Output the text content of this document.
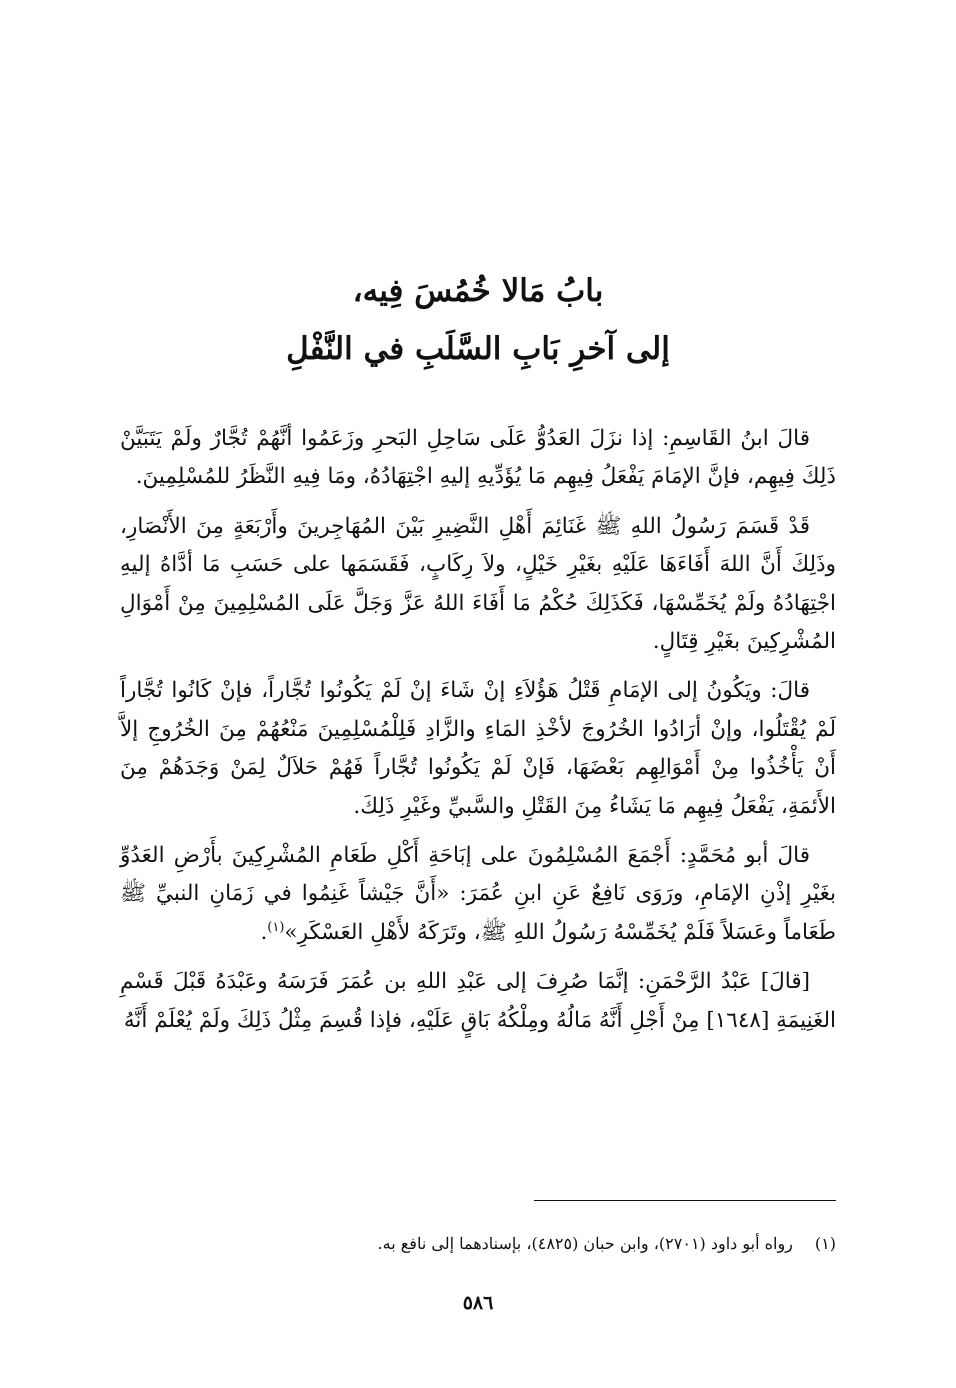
بابُ مَالا خُمُسَ فِيه،
إلى آخرِ بَابِ السَّلَبِ في النَّفْلِ

قالَ ابنُ القَاسِمِ: إذا نزَلَ العَدُوُّ عَلَى سَاحِلِ البَحرِ وزَعَمُوا أنَّهُمْ تُجَّارٌ ولَمْ يَتَبَيَّنْ ذَلِكَ فِيهِم، فإنَّ الإمَامَ يَفْعَلُ فِيهِم مَا يُؤَدِّيهِ إليهِ اجْتِهَادُهُ، ومَا فِيهِ النَّظَرُ للمُسْلِمِينَ.

قَدْ قَسَمَ رَسُولُ اللهِ ﷺ غَنَائِمَ أَهْلِ النَّضِيرِ بَيْنَ المُهَاجِرينَ وأَرْبَعَةٍ مِنَ الأَنْصَارِ، وذَلِكَ أَنَّ اللهَ أَفَاءَهَا عَلَيْهِ بغَيْرِ خَيْلٍ، ولاَ رِكَابٍ، فَقَسَمَها على حَسَبِ مَا أدَّاهُ إليهِ اجْتِهَادُهُ ولَمْ يُخَمِّسْهَا، فَكَذَلِكَ حُكْمُ مَا أَفَاءَ اللهُ عَزَّ وَجَلَّ عَلَى المُسْلِمِينَ مِنْ أَمْوَالِ المُشْرِكِينَ بغَيْرِ قِتَالٍ.

قالَ: ويَكُونُ إلى الإمَامِ قَتْلُ هَؤُلاَءِ إنْ شَاءَ إنْ لَمْ يَكُونُوا تُجَّاراً، فإنْ كَانُوا تُجَّاراً لَمْ يُقْتَلُوا، وإنْ أرَادُوا الخُرُوجَ لأخْذِ المَاءِ والزَّادِ فَلِلْمُسْلِمِينَ مَنْعُهُمْ مِنَ الخُرُوجِ إلاَّ أَنْ يَأْخُذُوا مِنْ أَمْوَالِهِم بَعْضَهَا، فَإنْ لَمْ يَكُونُوا تُجَّاراً فَهُمْ حَلاَلٌ لِمَنْ وَجَدَهُمْ مِنَ الأَئمَةِ، يَفْعَلُ فِيهِم مَا يَشَاءُ مِنَ القَتْلِ والسَّبيِّ وغَيْرِ ذَلِكَ.

قالَ أبو مُحَمَّدٍ: أَجْمَعَ المُسْلِمُونَ على إبَاحَةِ أَكْلِ طَعَامِ المُشْرِكِينَ بأَرْضِ العَدُوِّ بغَيْرِ إذْنِ الإمَامِ، ورَوَى نَافِعٌ عَنِ ابنِ عُمَرَ: «أَنَّ جَيْشاً غَنِمُوا في زَمَانِ النبيِّ ﷺ طَعَاماً وعَسَلاً فَلَمْ يُخَمِّسْهُ رَسُولُ اللهِ ﷺ، وتَرَكَهُ لأَهْلِ العَسْكَرِ»$^{(١)}$.

[قالَ] عَبْدُ الرَّحْمَنِ: إنَّمَا صُرِفَ إلى عَبْدِ اللهِ بن عُمَرَ فَرَسَهُ وعَبْدَهُ قَبْلَ قَسْمِ الغَنِيمَةِ [١٦٤٨] مِنْ أَجْلِ أَنَّهُ مَالُهُ ومِلْكُهُ بَاقٍ عَلَيْهِ، فإذا قُسِمَ مِثْلُ ذَلِكَ ولَمْ يُعْلَمْ أَنَّهُ

(١)رواه أبو داود (٢٧٠١)، وابن حبان (٤٨٢٥)، بإسنادهما إلى نافع به.

٥٨٦
